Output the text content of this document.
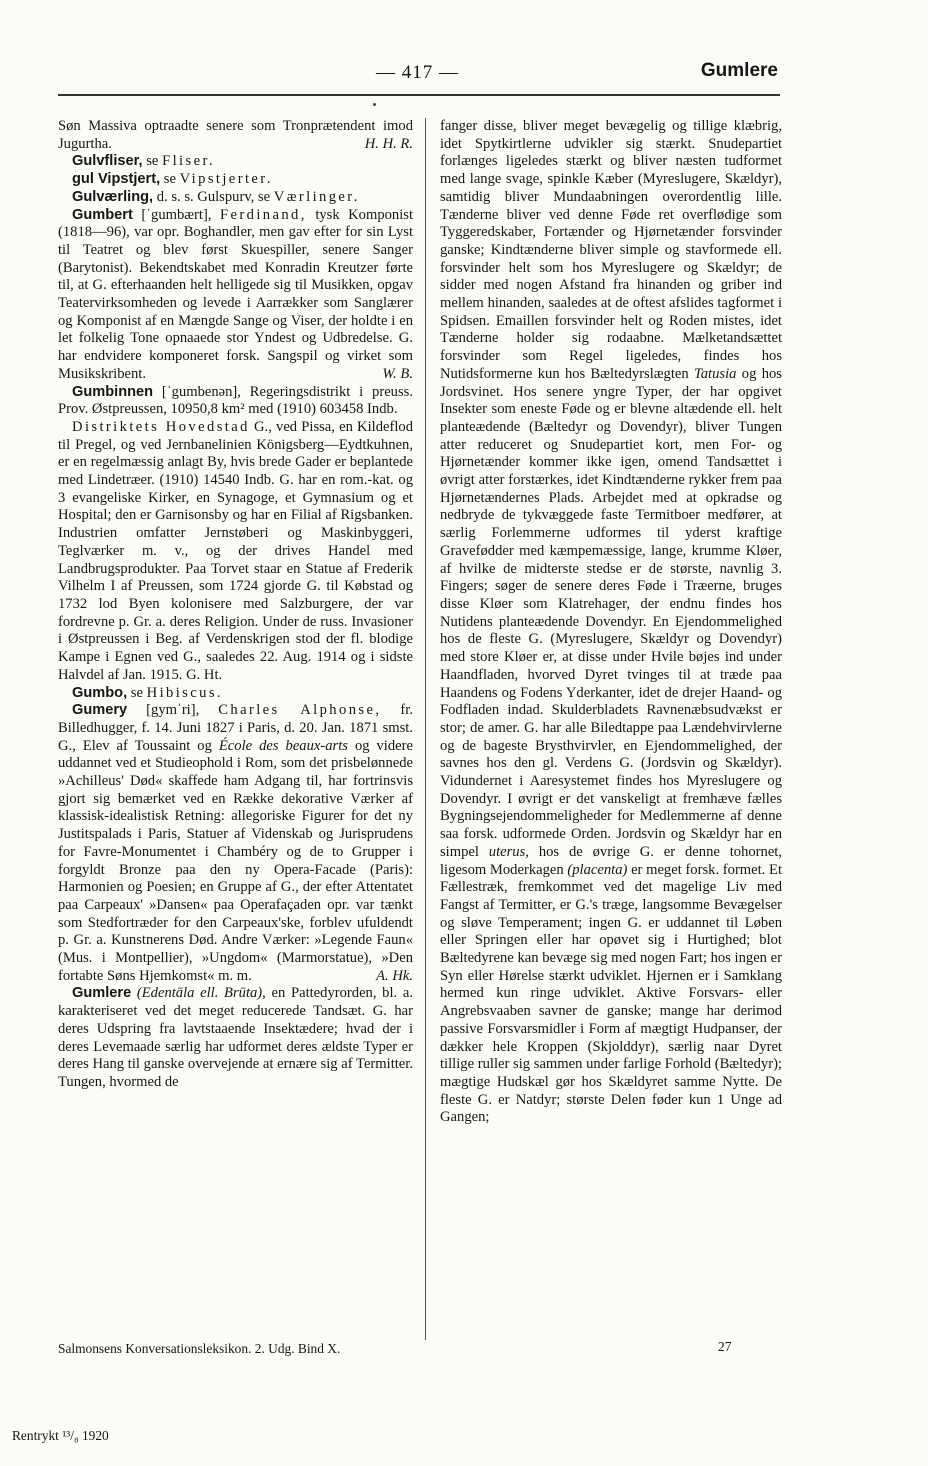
— 417 —	Gumlere

Søn Massiva optraadte senere som Tronprætendent imod Jugurtha.	H. H. R.

Gulvfliser, se Fliser.

gul Vipstjert, se Vipstjerter.

Gulværling, d. s. s. Gulspurv, se Værlinger.

Gumbert [ˈgumbært], Ferdinand, tysk Komponist (1818—96), var opr. Boghandler, men gav efter for sin Lyst til Teatret og blev først Skuespiller, senere Sanger (Barytonist). Bekendtskabet med Konradin Kreutzer førte til, at G. efterhaanden helt helligede sig til Musikken, opgav Teatervirksomheden og levede i Aarrækker som Sanglærer og Komponist af en Mængde Sange og Viser, der holdte i en let folkelig Tone opnaaede stor Yndest og Udbredelse. G. har endvidere komponeret forsk. Sangspil og virket som Musikskribent.	W. B.

Gumbinnen [ˈgumbenən], Regeringsdistrikt i preuss. Prov. Østpreussen, 10950,8 km² med (1910) 603458 Indb.

Distriktets Hovedstad G., ved Pissa, en Kildeflod til Pregel, og ved Jernbanelinien Königsberg—Eydtkuhnen, er en regelmæssig anlagt By, hvis brede Gader er beplantede med Lindetræer. (1910) 14540 Indb. G. har en rom.-kat. og 3 evangeliske Kirker, en Synagoge, et Gymnasium og et Hospital; den er Garnisonsby og har en Filial af Rigsbanken. Industrien omfatter Jernstøberi og Maskinbyggeri, Teglværker m. v., og der drives Handel med Landbrugsprodukter. Paa Torvet staar en Statue af Frederik Vilhelm I af Preussen, som 1724 gjorde G. til Købstad og 1732 lod Byen kolonisere med Salzburgere, der var fordrevne p. Gr. a. deres Religion. Under de russ. Invasioner i Østpreussen i Beg. af Verdenskrigen stod der fl. blodige Kampe i Egnen ved G., saaledes 22. Aug. 1914 og i sidste Halvdel af Jan. 1915. G. Ht.

Gumbo, se Hibiscus.

Gumery [gymˈri], Charles Alphonse, fr. Billedhugger, f. 14. Juni 1827 i Paris, d. 20. Jan. 1871 smst. G., Elev af Toussaint og École des beaux-arts og videre uddannet ved et Studieophold i Rom, som det prisbelønnede »Achilleus' Død« skaffede ham Adgang til, har fortrinsvis gjort sig bemærket ved en Række dekorative Værker af klassisk-idealistisk Retning: allegoriske Figurer for det ny Justitspalads i Paris, Statuer af Videnskab og Jurisprudens for Favre-Monumentet i Chambéry og de to Grupper i forgyldt Bronze paa den ny Opera-Facade (Paris): Harmonien og Poesien; en Gruppe af G., der efter Attentatet paa Carpeaux' »Dansen« paa Operafaçaden opr. var tænkt som Stedfortræder for den Carpeaux'ske, forblev ufuldendt p. Gr. a. Kunstnerens Død. Andre Værker: »Legende Faun« (Mus. i Montpellier), »Ungdom« (Marmorstatue), »Den fortabte Søns Hjemkomst« m. m.	A. Hk.

Gumlere (Edentāla ell. Brūta), en Pattedyrorden, bl. a. karakteriseret ved det meget reducerede Tandsæt. G. har deres Udspring fra lavtstaaende Insektædere; hvad der i deres Levemaade særlig har udformet deres ældste Typer er deres Hang til ganske overvejende at ernære sig af Termitter. Tungen, hvormed de

fanger disse, bliver meget bevægelig og tillige klæbrig, idet Spytkirtlerne udvikler sig stærkt. Snudepartiet forlænges ligeledes stærkt og bliver næsten tudformet med lange svage, spinkle Kæber (Myreslugere, Skældyr), samtidig bliver Mundaabningen overordentlig lille. Tænderne bliver ved denne Føde ret overflødige som Tyggeredskaber, Fortænder og Hjørnetænder forsvinder ganske; Kindtænderne bliver simple og stavformede ell. forsvinder helt som hos Myreslugere og Skældyr; de sidder med nogen Afstand fra hinanden og griber ind mellem hinanden, saaledes at de oftest afslides tagformet i Spidsen. Emaillen forsvinder helt og Roden mistes, idet Tænderne holder sig rodaabne. Mælketandsættet forsvinder som Regel ligeledes, findes hos Nutidsformerne kun hos Bæltedyrslægten Tatusia og hos Jordsvinet. Hos senere yngre Typer, der har opgivet Insekter som eneste Føde og er blevne altædende ell. helt planteædende (Bæltedyr og Dovendyr), bliver Tungen atter reduceret og Snudepartiet kort, men For- og Hjørnetænder kommer ikke igen, omend Tandsættet i øvrigt atter forstærkes, idet Kindtænderne rykker frem paa Hjørnetændernes Plads. Arbejdet med at opkradse og nedbryde de tykvæggede faste Termitboer medfører, at særlig Forlemmerne udformes til yderst kraftige Gravefødder med kæmpemæssige, lange, krumme Kløer, af hvilke de midterste stedse er de største, navnlig 3. Fingers; søger de senere deres Føde i Træerne, bruges disse Kløer som Klatrehager, der endnu findes hos Nutidens planteædende Dovendyr. En Ejendommelighed hos de fleste G. (Myreslugere, Skældyr og Dovendyr) med store Kløer er, at disse under Hvile bøjes ind under Haandfladen, hvorved Dyret tvinges til at træde paa Haandens og Fodens Yderkanter, idet de drejer Haand- og Fodfladen indad. Skulderbladets Ravnenæbsudvækst er stor; de amer. G. har alle Biledtappe paa Lændehvirvlerne og de bageste Brysthvirvler, en Ejendommelighed, der savnes hos den gl. Verdens G. (Jordsvin og Skældyr). Vidundernet i Aaresystemet findes hos Myreslugere og Dovendyr. I øvrigt er det vanskeligt at fremhæve fælles Bygningsejendommeligheder for Medlemmerne af denne saa forsk. udformede Orden. Jordsvin og Skældyr har en simpel uterus, hos de øvrige G. er denne tohornet, ligesom Moderkagen (placenta) er meget forsk. formet. Et Fællestræk, fremkommet ved det magelige Liv med Fangst af Termitter, er G.'s træge, langsomme Bevægelser og sløve Temperament; ingen G. er uddannet til Løben eller Springen eller har opøvet sig i Hurtighed; blot Bæltedyrene kan bevæge sig med nogen Fart; hos ingen er Syn eller Hørelse stærkt udviklet. Hjernen er i Samklang hermed kun ringe udviklet. Aktive Forsvars- eller Angrebsvaaben savner de ganske; mange har derimod passive Forsvarsmidler i Form af mægtigt Hudpanser, der dækker hele Kroppen (Skjolddyr), særlig naar Dyret tillige ruller sig sammen under farlige Forhold (Bæltedyr); mægtige Hudskæl gør hos Skældyret samme Nytte. De fleste G. er Natdyr; største Delen føder kun 1 Unge ad Gangen;

Salmonsens Konversationsleksikon. 2. Udg. Bind X.	27
Rentrykt ¹³/₈ 1920
